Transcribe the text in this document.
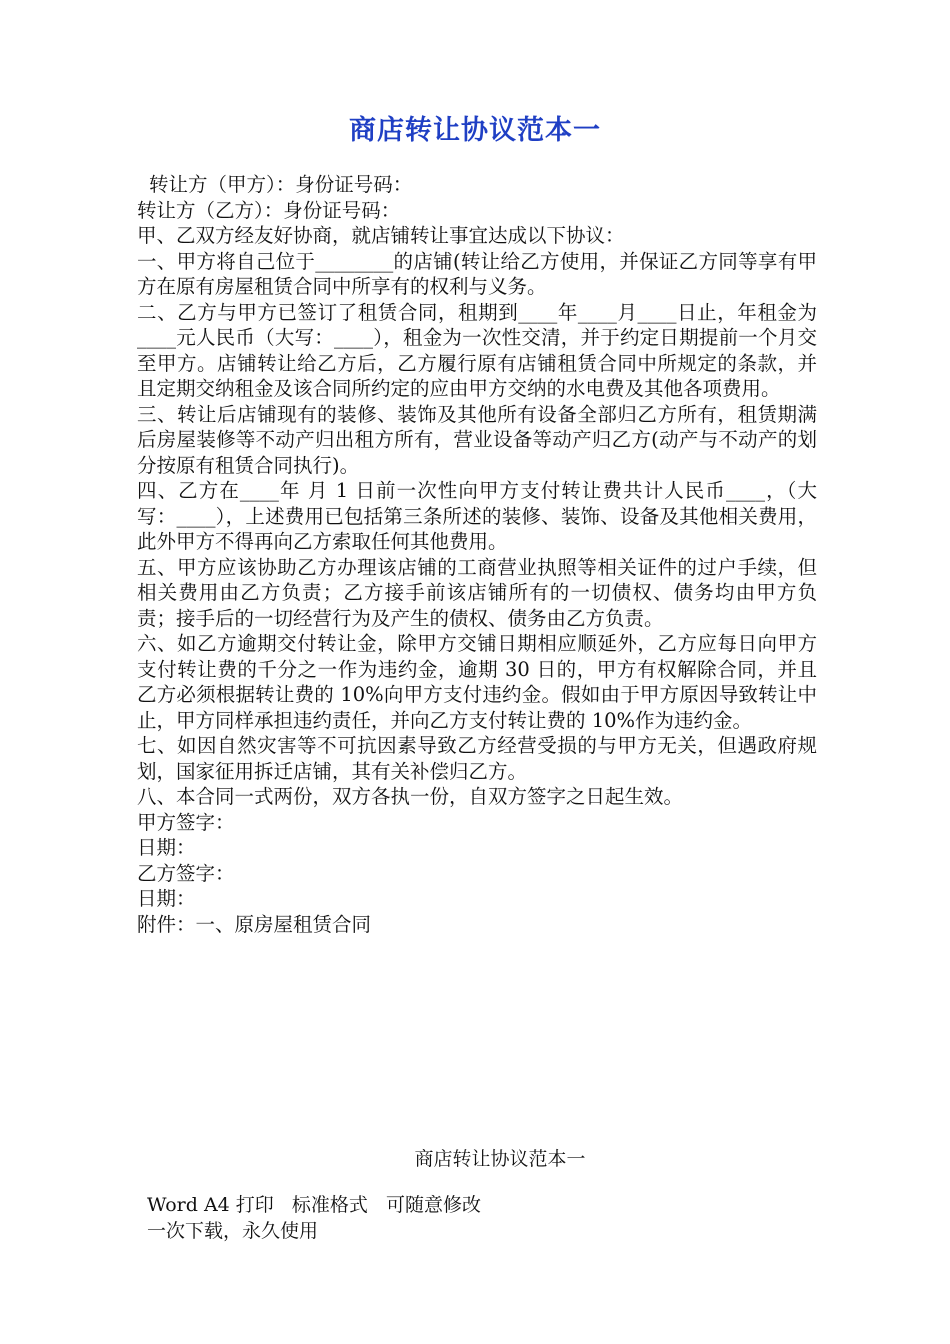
商店转让协议范本一

转让方（甲方）：身份证号码：

转让方（乙方）：身份证号码：

甲、乙双方经友好协商，就店铺转让事宜达成以下协议：

一、甲方将自己位于________的店铺(转让给乙方使用，并保证乙方同等享有甲方在原有房屋租赁合同中所享有的权利与义务。

二、乙方与甲方已签订了租赁合同，租期到____年____月____日止，年租金为____元人民币（大写：____），租金为一次性交清，并于约定日期提前一个月交至甲方。店铺转让给乙方后，乙方履行原有店铺租赁合同中所规定的条款，并且定期交纳租金及该合同所约定的应由甲方交纳的水电费及其他各项费用。

三、转让后店铺现有的装修、装饰及其他所有设备全部归乙方所有，租赁期满后房屋装修等不动产归出租方所有，营业设备等动产归乙方(动产与不动产的划分按原有租赁合同执行)。

四、乙方在____年 月 1 日前一次性向甲方支付转让费共计人民币____，（大写：____），上述费用已包括第三条所述的装修、装饰、设备及其他相关费用，此外甲方不得再向乙方索取任何其他费用。

五、甲方应该协助乙方办理该店铺的工商营业执照等相关证件的过户手续，但相关费用由乙方负责；乙方接手前该店铺所有的一切债权、债务均由甲方负责；接手后的一切经营行为及产生的债权、债务由乙方负责。

六、如乙方逾期交付转让金，除甲方交铺日期相应顺延外，乙方应每日向甲方支付转让费的千分之一作为违约金，逾期 30 日的，甲方有权解除合同，并且乙方必须根据转让费的 10%向甲方支付违约金。假如由于甲方原因导致转让中止，甲方同样承担违约责任，并向乙方支付转让费的 10%作为违约金。

七、如因自然灾害等不可抗因素导致乙方经营受损的与甲方无关，但遇政府规划，国家征用拆迁店铺，其有关补偿归乙方。

八、本合同一式两份，双方各执一份，自双方签字之日起生效。

甲方签字：

日期：

乙方签字：

日期：

附件：一、原房屋租赁合同

商店转让协议范本一
Word A4 打印   标准格式   可随意修改
一次下载，永久使用
